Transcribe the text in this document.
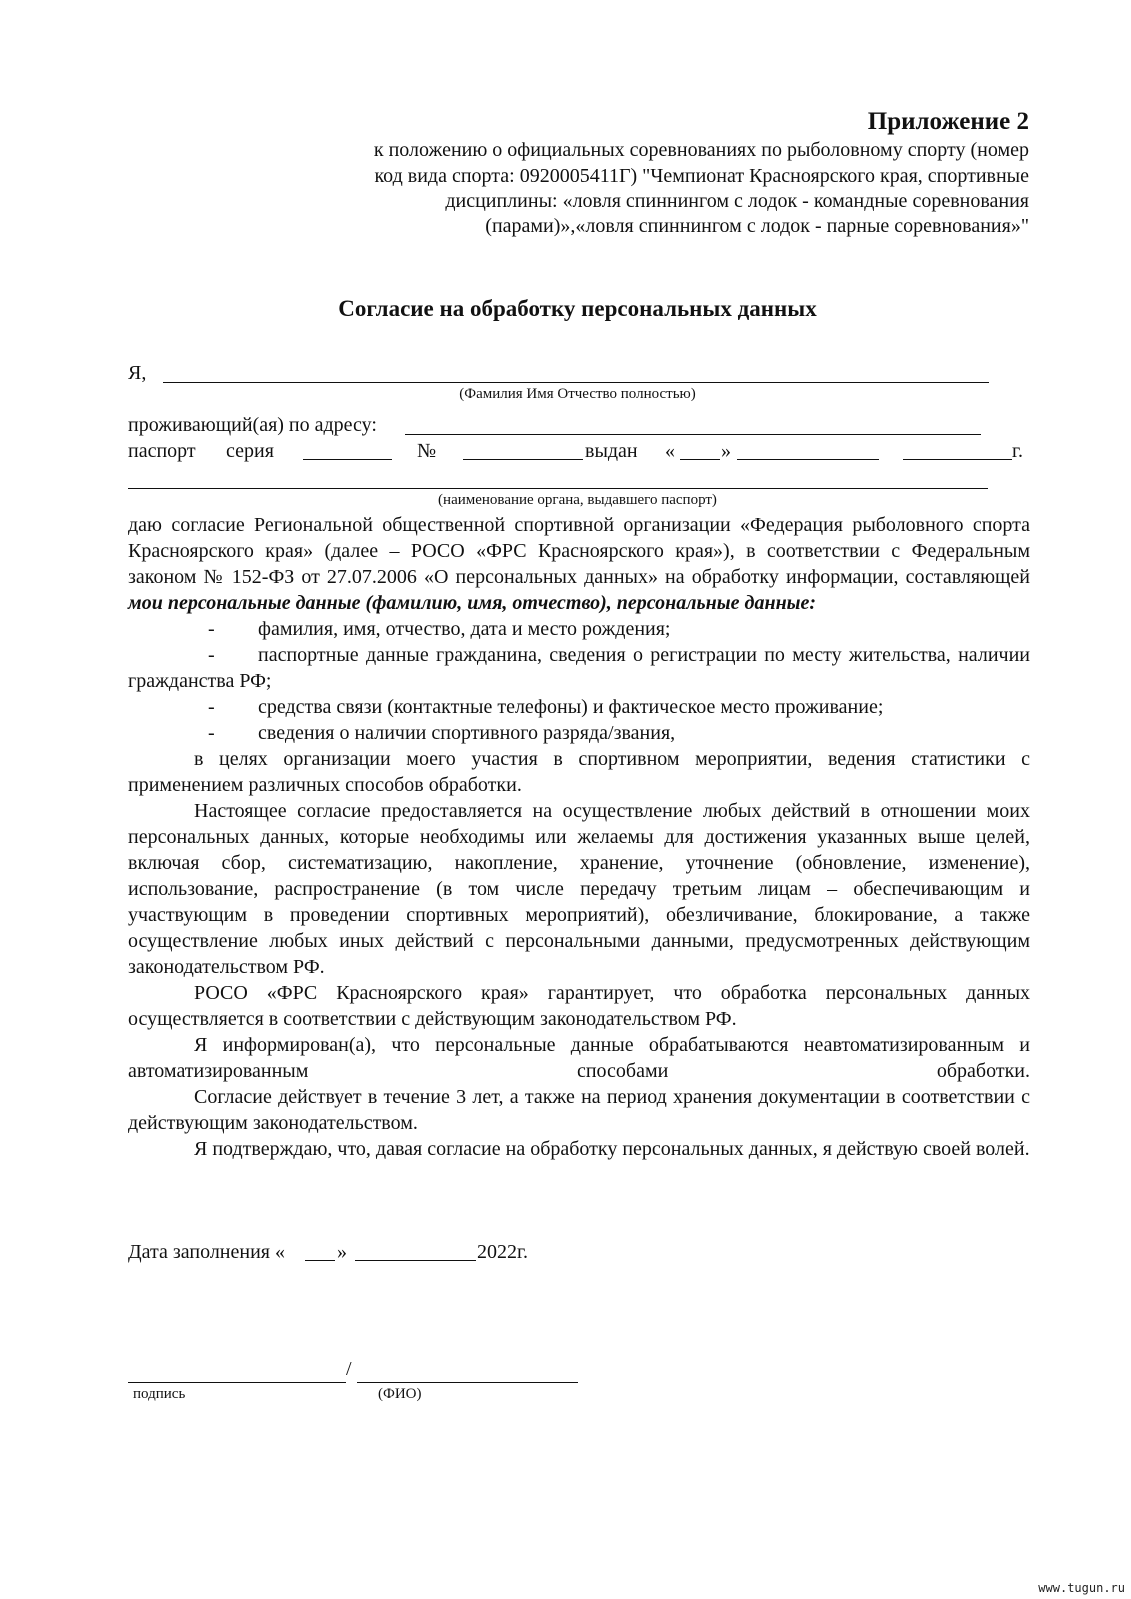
Приложение 2
к положению о официальных соревнованиях по рыболовному спорту (номер
код вида спорта: 0920005411Г) "Чемпионат Красноярского края, спортивные
дисциплины: «ловля спиннингом с лодок - командные соревнования
(парами)»,«ловля спиннингом с лодок - парные соревнования»"
Согласие на обработку персональных данных
Я,
(Фамилия Имя Отчество полностью)
проживающий(ая) по адресу:
паспорт серия	№	выдан « »	г.
(наименование органа, выдавшего паспорт)

даю согласие Региональной общественной спортивной организации «Федерация рыболовного спорта Красноярского края» (далее – РОСО «ФРС Красноярского края»), в соответствии с Федеральным законом № 152-ФЗ от 27.07.2006 «О персональных данных» на обработку информации, составляющей мои персональные данные (фамилию, имя, отчество), персональные данные:

- фамилия, имя, отчество, дата и место рождения;

- паспортные данные гражданина, сведения о регистрации по месту жительства, наличии гражданства РФ;

- средства связи (контактные телефоны) и фактическое место проживание;

- сведения о наличии спортивного разряда/звания,

в целях организации моего участия в спортивном мероприятии, ведения статистики с применением различных способов обработки.

Настоящее согласие предоставляется на осуществление любых действий в отношении моих персональных данных, которые необходимы или желаемы для достижения указанных выше целей, включая сбор, систематизацию, накопление, хранение, уточнение (обновление, изменение), использование, распространение (в том числе передачу третьим лицам – обеспечивающим и участвующим в проведении спортивных мероприятий), обезличивание, блокирование, а также осуществление любых иных действий с персональными данными, предусмотренных действующим законодательством РФ.

РОСО «ФРС Красноярского края» гарантирует, что обработка персональных данных осуществляется в соответствии с действующим законодательством РФ.

Я информирован(а), что персональные данные обрабатываются неавтоматизированным и автоматизированным способами обработки.

Согласие действует в течение 3 лет, а также на период хранения документации в соответствии с действующим законодательством.

Я подтверждаю, что, давая согласие на обработку персональных данных, я действую своей волей.

Дата заполнения «	»	2022г.
/
подпись	(ФИО)
www.tugun.ru
